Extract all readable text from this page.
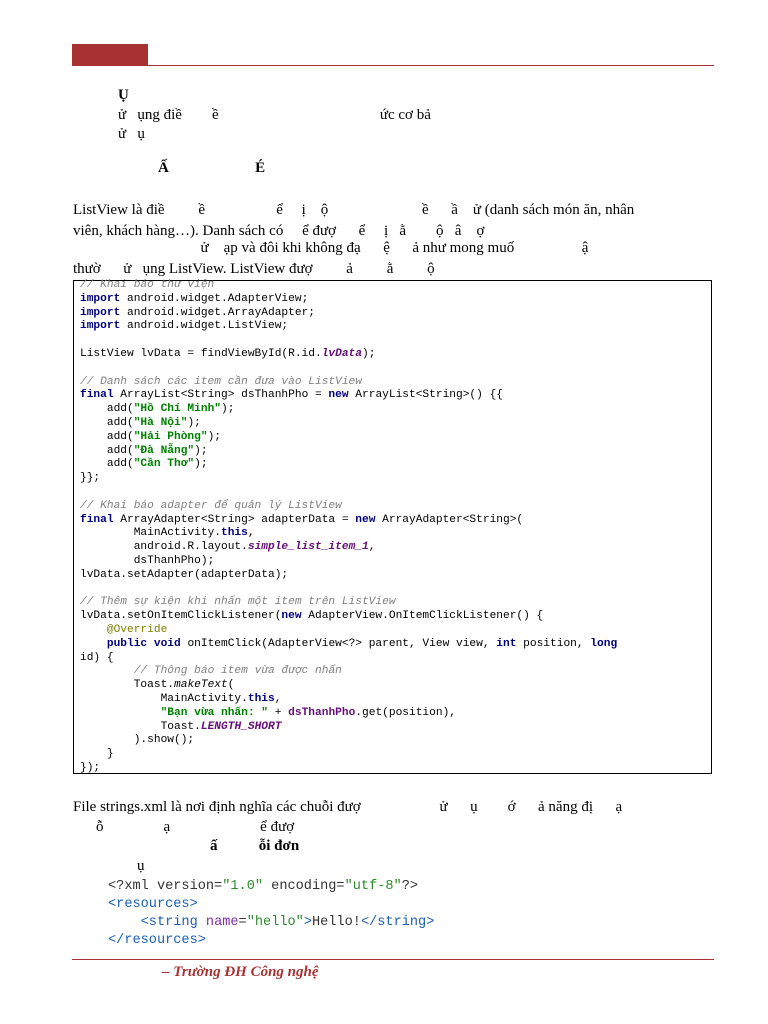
Ụ
ử   ụng điề        ề                                           ức cơ bả
ử   ụ
Ấ                       É
ListView là điề         ề                   ể     ị    ộ                         ề      ầ    ử (danh sách món ăn, nhân
viên, khách hàng…). Danh sách có     ể đượ      ể     ị   ằ        ộ   â    ợ
ử    ạp và đôi khi không đạ      ệ      ả như mong muố                  ậ
thườ      ử   ụng ListView. ListView đượ         ả         ằ         ộ
// Khai báo thư viện
import android.widget.AdapterView;
import android.widget.ArrayAdapter;
import android.widget.ListView;

ListView lvData = findViewById(R.id.lvData);

// Danh sách các item cần đưa vào ListView
final ArrayList<String> dsThanhPho = new ArrayList<String>() {{
add("Hồ Chí Minh");
add("Hà Nội");
add("Hải Phòng");
add("Đà Nẵng");
add("Cần Thơ");
}};

// Khai báo adapter để quản lý ListView
final ArrayAdapter<String> adapterData = new ArrayAdapter<String>(
MainActivity.this,
android.R.layout.simple_list_item_1,
dsThanhPho);
lvData.setAdapter(adapterData);

// Thêm sự kiện khi nhấn một item trên ListView
lvData.setOnItemClickListener(new AdapterView.OnItemClickListener() {
@Override
public void onItemClick(AdapterView<?> parent, View view, int position, long
id) {
// Thông báo item vừa được nhấn
Toast.makeText(
MainActivity.this,
"Bạn vừa nhấn: " + dsThanhPho.get(position),
Toast.LENGTH_SHORT
).show();
}
});
File strings.xml là nơi định nghĩa các chuỗi đượ                     ử      ụ        ớ      ả năng đị      ạ
ỗ                ạ                        ể đượ
ấ           ỗi đơn
ụ
<?xml version="1.0" encoding="utf-8"?>
<resources>
<string name="hello">Hello!</string>
</resources>
– Trường ĐH Công nghệ
